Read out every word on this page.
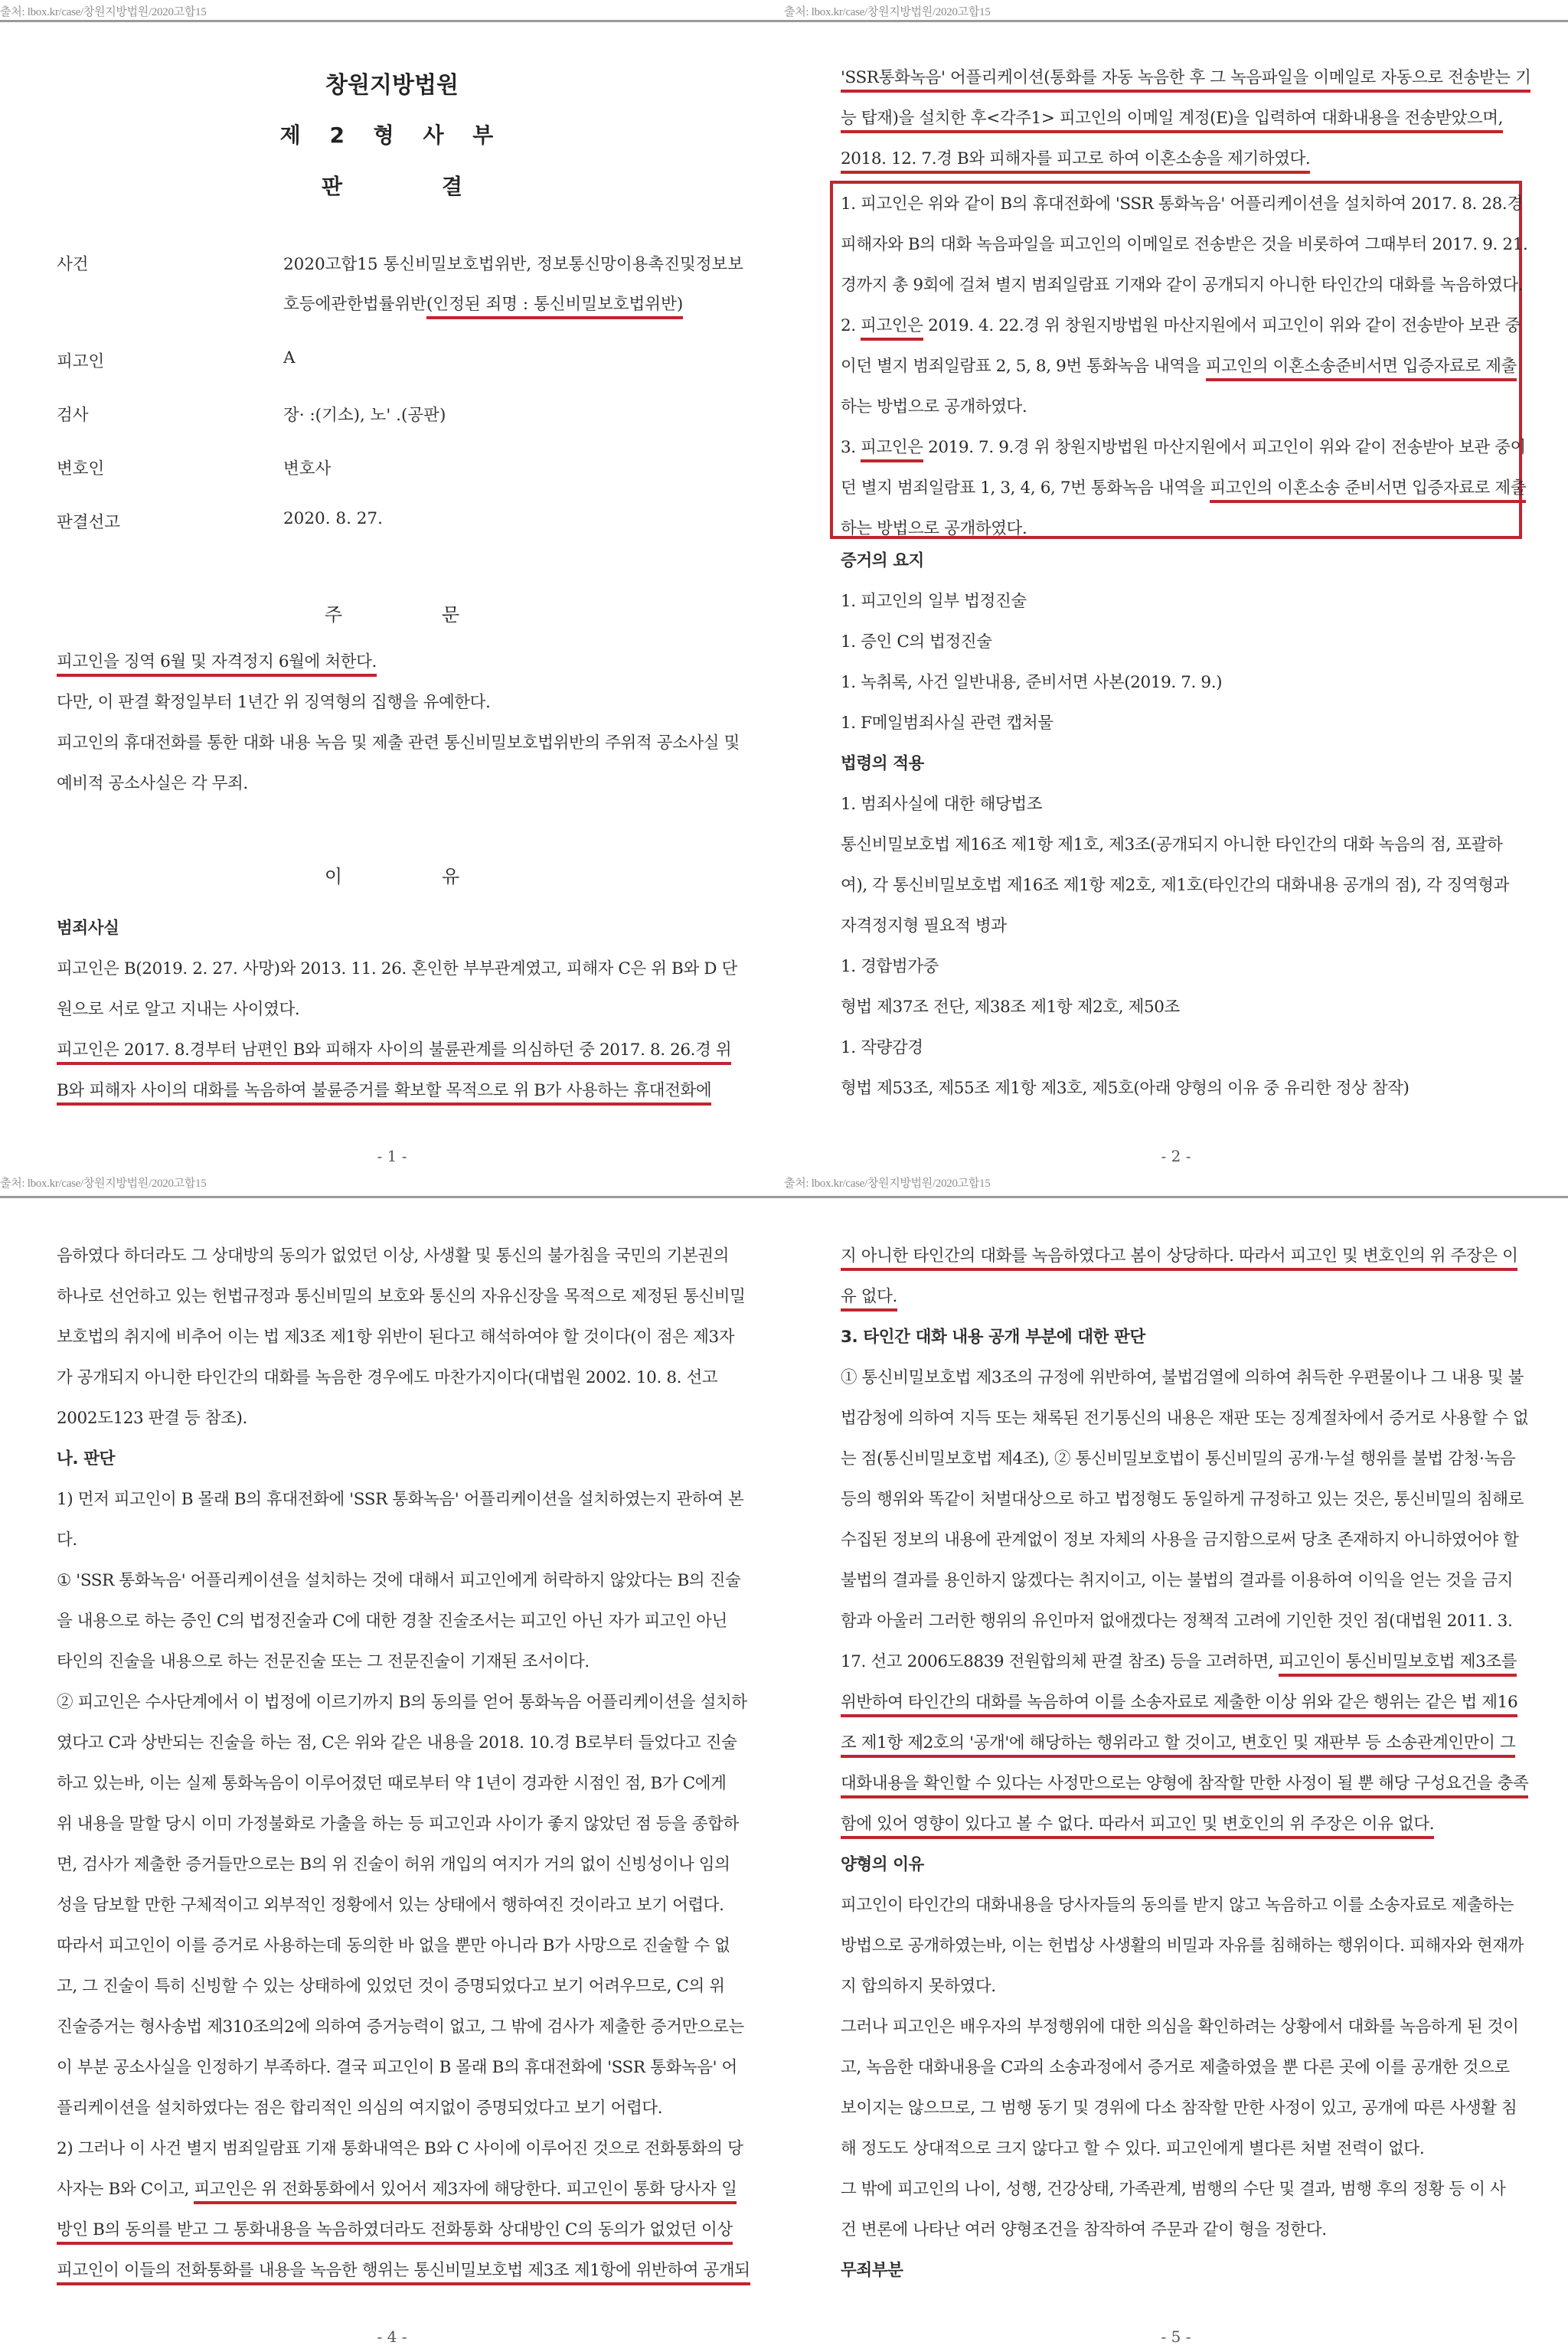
출처: lbox.kr/case/창원지방법원/2020고합15
창원지방법원
제 2 형 사 부
판	결
사건	2020고합15 통신비밀보호법위반, 정보통신망이용촉진및정보보
호등에관한법률위반(인정된 죄명 : 통신비밀보호법위반)
피고인	A
검사	장· :(기소), 노' .(공판)
변호인	변호사
판결선고	2020. 8. 27.
주	문
피고인을 징역 6월 및 자격정지 6월에 처한다.
다만, 이 판결 확정일부터 1년간 위 징역형의 집행을 유예한다.
피고인의 휴대전화를 통한 대화 내용 녹음 및 제출 관련 통신비밀보호법위반의 주위적 공소사실 및
예비적 공소사실은 각 무죄.
이	유
범죄사실
피고인은 B(2019. 2. 27. 사망)와 2013. 11. 26. 혼인한 부부관계였고, 피해자 C은 위 B와 D 단
원으로 서로 알고 지내는 사이였다.
피고인은 2017. 8.경부터 남편인 B와 피해자 사이의 불륜관계를 의심하던 중 2017. 8. 26.경 위
B와 피해자 사이의 대화를 녹음하여 불륜증거를 확보할 목적으로 위 B가 사용하는 휴대전화에
- 1 -
출처: lbox.kr/case/창원지방법원/2020고합15
출처: lbox.kr/case/창원지방법원/2020고합15
'SSR통화녹음' 어플리케이션(통화를 자동 녹음한 후 그 녹음파일을 이메일로 자동으로 전송받는 기
능 탑재)을 설치한 후<각주1> 피고인의 이메일 계정(E)을 입력하여 대화내용을 전송받았으며,
2018. 12. 7.경 B와 피해자를 피고로 하여 이혼소송을 제기하였다.
1. 피고인은 위와 같이 B의 휴대전화에 'SSR 통화녹음' 어플리케이션을 설치하여 2017. 8. 28.경
피해자와 B의 대화 녹음파일을 피고인의 이메일로 전송받은 것을 비롯하여 그때부터 2017. 9. 21.
경까지 총 9회에 걸쳐 별지 범죄일람표 기재와 같이 공개되지 아니한 타인간의 대화를 녹음하였다.
2. 피고인은 2019. 4. 22.경 위 창원지방법원 마산지원에서 피고인이 위와 같이 전송받아 보관 중
이던 별지 범죄일람표 2, 5, 8, 9번 통화녹음 내역을 피고인의 이혼소송준비서면 입증자료로 제출
하는 방법으로 공개하였다.
3. 피고인은 2019. 7. 9.경 위 창원지방법원 마산지원에서 피고인이 위와 같이 전송받아 보관 중이
던 별지 범죄일람표 1, 3, 4, 6, 7번 통화녹음 내역을 피고인의 이혼소송 준비서면 입증자료로 제출
하는 방법으로 공개하였다.
증거의 요지
1. 피고인의 일부 법정진술
1. 증인 C의 법정진술
1. 녹취록, 사건 일반내용, 준비서면 사본(2019. 7. 9.)
1. F메일범죄사실 관련 캡처물
법령의 적용
1. 범죄사실에 대한 해당법조
통신비밀보호법 제16조 제1항 제1호, 제3조(공개되지 아니한 타인간의 대화 녹음의 점, 포괄하
여), 각 통신비밀보호법 제16조 제1항 제2호, 제1호(타인간의 대화내용 공개의 점), 각 징역형과
자격정지형 필요적 병과
1. 경합범가중
형법 제37조 전단, 제38조 제1항 제2호, 제50조
1. 작량감경
형법 제53조, 제55조 제1항 제3호, 제5호(아래 양형의 이유 중 유리한 정상 참작)
- 2 -
출처: lbox.kr/case/창원지방법원/2020고합15
음하였다 하더라도 그 상대방의 동의가 없었던 이상, 사생활 및 통신의 불가침을 국민의 기본권의
하나로 선언하고 있는 헌법규정과 통신비밀의 보호와 통신의 자유신장을 목적으로 제정된 통신비밀
보호법의 취지에 비추어 이는 법 제3조 제1항 위반이 된다고 해석하여야 할 것이다(이 점은 제3자
가 공개되지 아니한 타인간의 대화를 녹음한 경우에도 마찬가지이다(대법원 2002. 10. 8. 선고
2002도123 판결 등 참조).
나. 판단
1) 먼저 피고인이 B 몰래 B의 휴대전화에 'SSR 통화녹음' 어플리케이션을 설치하였는지 관하여 본
다.
① 'SSR 통화녹음' 어플리케이션을 설치하는 것에 대해서 피고인에게 허락하지 않았다는 B의 진술
을 내용으로 하는 증인 C의 법정진술과 C에 대한 경찰 진술조서는 피고인 아닌 자가 피고인 아닌
타인의 진술을 내용으로 하는 전문진술 또는 그 전문진술이 기재된 조서이다.
② 피고인은 수사단계에서 이 법정에 이르기까지 B의 동의를 얻어 통화녹음 어플리케이션을 설치하
였다고 C과 상반되는 진술을 하는 점, C은 위와 같은 내용을 2018. 10.경 B로부터 들었다고 진술
하고 있는바, 이는 실제 통화녹음이 이루어졌던 때로부터 약 1년이 경과한 시점인 점, B가 C에게
위 내용을 말할 당시 이미 가정불화로 가출을 하는 등 피고인과 사이가 좋지 않았던 점 등을 종합하
면, 검사가 제출한 증거들만으로는 B의 위 진술이 허위 개입의 여지가 거의 없이 신빙성이나 임의
성을 담보할 만한 구체적이고 외부적인 정황에서 있는 상태에서 행하여진 것이라고 보기 어렵다.
따라서 피고인이 이를 증거로 사용하는데 동의한 바 없을 뿐만 아니라 B가 사망으로 진술할 수 없
고, 그 진술이 특히 신빙할 수 있는 상태하에 있었던 것이 증명되었다고 보기 어려우므로, C의 위
진술증거는 형사송법 제310조의2에 의하여 증거능력이 없고, 그 밖에 검사가 제출한 증거만으로는
이 부분 공소사실을 인정하기 부족하다. 결국 피고인이 B 몰래 B의 휴대전화에 'SSR 통화녹음' 어
플리케이션을 설치하였다는 점은 합리적인 의심의 여지없이 증명되었다고 보기 어렵다.
2) 그러나 이 사건 별지 범죄일람표 기재 통화내역은 B와 C 사이에 이루어진 것으로 전화통화의 당
사자는 B와 C이고, 피고인은 위 전화통화에서 있어서 제3자에 해당한다. 피고인이 통화 당사자 일
방인 B의 동의를 받고 그 통화내용을 녹음하였더라도 전화통화 상대방인 C의 동의가 없었던 이상
피고인이 이들의 전화통화를 내용을 녹음한 행위는 통신비밀보호법 제3조 제1항에 위반하여 공개되
- 4 -
지 아니한 타인간의 대화를 녹음하였다고 봄이 상당하다. 따라서 피고인 및 변호인의 위 주장은 이
유 없다.
3. 타인간 대화 내용 공개 부분에 대한 판단
① 통신비밀보호법 제3조의 규정에 위반하여, 불법검열에 의하여 취득한 우편물이나 그 내용 및 불
법감청에 의하여 지득 또는 채록된 전기통신의 내용은 재판 또는 징계절차에서 증거로 사용할 수 없
는 점(통신비밀보호법 제4조), ② 통신비밀보호법이 통신비밀의 공개·누설 행위를 불법 감청·녹음
등의 행위와 똑같이 처벌대상으로 하고 법정형도 동일하게 규정하고 있는 것은, 통신비밀의 침해로
수집된 정보의 내용에 관계없이 정보 자체의 사용을 금지함으로써 당초 존재하지 아니하였어야 할
불법의 결과를 용인하지 않겠다는 취지이고, 이는 불법의 결과를 이용하여 이익을 얻는 것을 금지
함과 아울러 그러한 행위의 유인마저 없애겠다는 정책적 고려에 기인한 것인 점(대법원 2011. 3.
17. 선고 2006도8839 전원합의체 판결 참조) 등을 고려하면, 피고인이 통신비밀보호법 제3조를
위반하여 타인간의 대화를 녹음하여 이를 소송자료로 제출한 이상 위와 같은 행위는 같은 법 제16
조 제1항 제2호의 '공개'에 해당하는 행위라고 할 것이고, 변호인 및 재판부 등 소송관계인만이 그
대화내용을 확인할 수 있다는 사정만으로는 양형에 참작할 만한 사정이 될 뿐 해당 구성요건을 충족
함에 있어 영향이 있다고 볼 수 없다. 따라서 피고인 및 변호인의 위 주장은 이유 없다.
양형의 이유
피고인이 타인간의 대화내용을 당사자들의 동의를 받지 않고 녹음하고 이를 소송자료로 제출하는
방법으로 공개하였는바, 이는 헌법상 사생활의 비밀과 자유를 침해하는 행위이다. 피해자와 현재까
지 합의하지 못하였다.
그러나 피고인은 배우자의 부정행위에 대한 의심을 확인하려는 상황에서 대화를 녹음하게 된 것이
고, 녹음한 대화내용을 C과의 소송과정에서 증거로 제출하였을 뿐 다른 곳에 이를 공개한 것으로
보이지는 않으므로, 그 범행 동기 및 경위에 다소 참작할 만한 사정이 있고, 공개에 따른 사생활 침
해 정도도 상대적으로 크지 않다고 할 수 있다. 피고인에게 별다른 처벌 전력이 없다.
그 밖에 피고인의 나이, 성행, 건강상태, 가족관계, 범행의 수단 및 결과, 범행 후의 정황 등 이 사
건 변론에 나타난 여러 양형조건을 참작하여 주문과 같이 형을 정한다.
무죄부분
- 5 -
